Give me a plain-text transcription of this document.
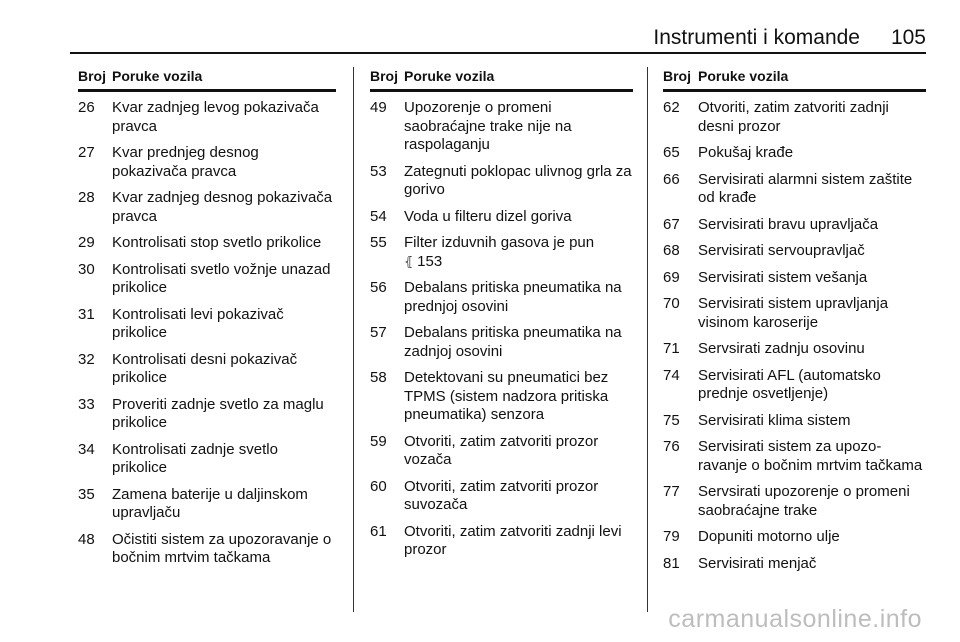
Instrumenti i komande 105
Broj Poruke vozila
26	Kvar zadnjeg levog pokazivača pravca
27	Kvar prednjeg desnog pokazivača pravca
28	Kvar zadnjeg desnog pokazivača pravca
29	Kontrolisati stop svetlo prikolice
30	Kontrolisati svetlo vožnje unazad prikolice
31	Kontrolisati levi pokazivač prikolice
32	Kontrolisati desni pokazivač prikolice
33	Proveriti zadnje svetlo za maglu prikolice
34	Kontrolisati zadnje svetlo prikolice
35	Zamena baterije u daljinskom upravljaču
48	Očistiti sistem za upozoravanje o bočnim mrtvim tačkama
Broj Poruke vozila
49	Upozorenje o promeni saobraćajne trake nije na raspolaganju
53	Zategnuti poklopac ulivnog grla za gorivo
54	Voda u filteru dizel goriva
55	Filter izduvnih gasova je pun
⦃ 153
56	Debalans pritiska pneumatika na prednjoj osovini
57	Debalans pritiska pneumatika na zadnjoj osovini
58	Detektovani su pneumatici bez TPMS (sistem nadzora pritiska pneumatika) senzora
59	Otvoriti, zatim zatvoriti prozor vozača
60	Otvoriti, zatim zatvoriti prozor suvozača
61	Otvoriti, zatim zatvoriti zadnji levi prozor
Broj Poruke vozila
62	Otvoriti, zatim zatvoriti zadnji desni prozor
65	Pokušaj krađe
66	Servisirati alarmni sistem zaštite od krađe
67	Servisirati bravu upravljača
68	Servisirati servoupravljač
69	Servisirati sistem vešanja
70	Servisirati sistem upravljanja visinom karoserije
71	Servsirati zadnju osovinu
74	Servisirati AFL (automatsko prednje osvetljenje)
75	Servisirati klima sistem
76	Servisirati sistem za upozo-ravanje o bočnim mrtvim tačkama
77	Servsirati upozorenje o promeni saobraćajne trake
79	Dopuniti motorno ulje
81	Servisirati menjač
carmanualsonline.info
